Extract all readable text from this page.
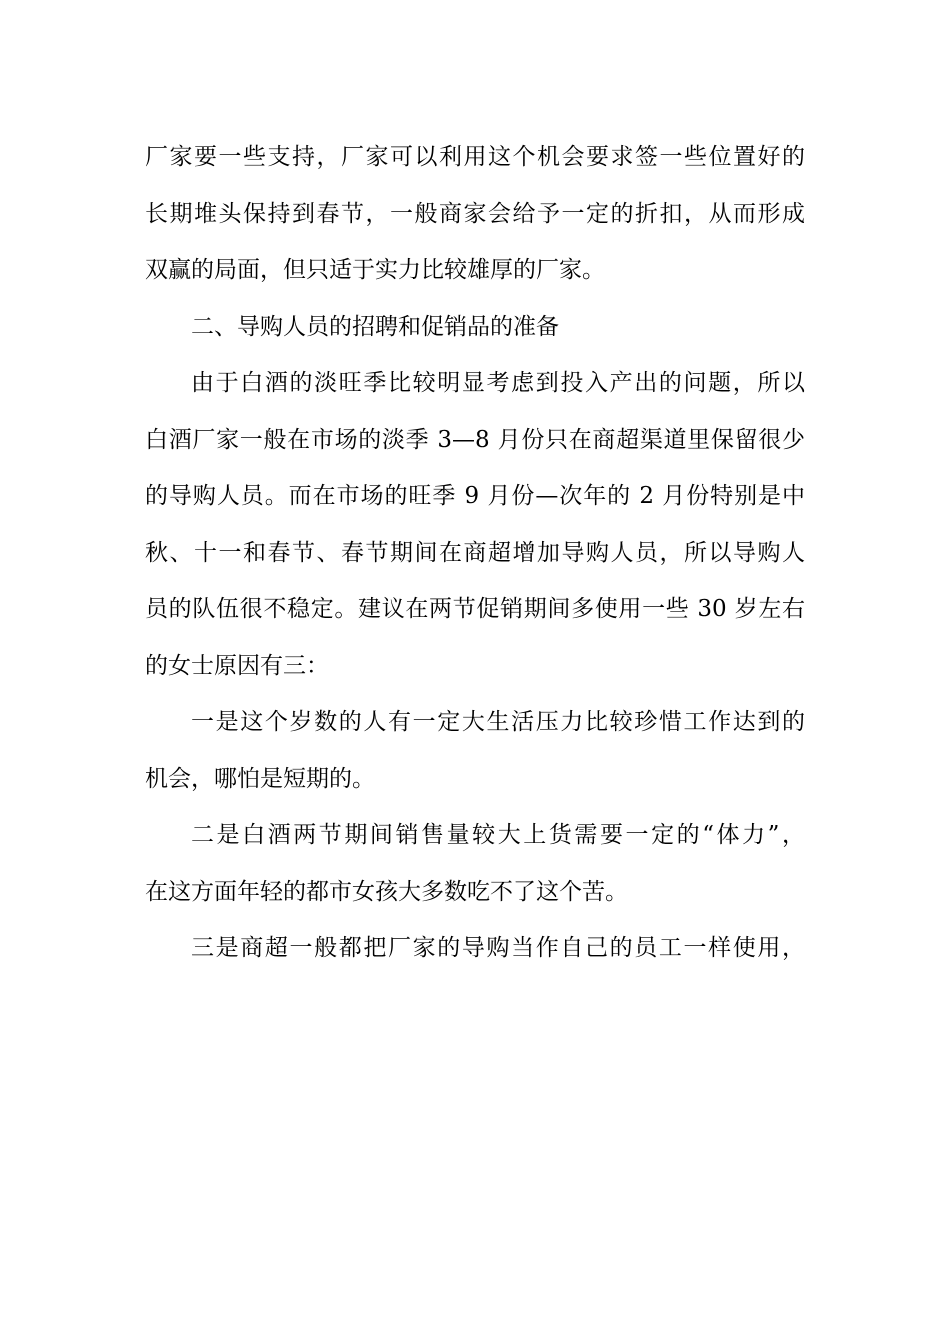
厂家要一些支持，厂家可以利用这个机会要求签一些位置好的

长期堆头保持到春节，一般商家会给予一定的折扣，从而形成

双赢的局面，但只适于实力比较雄厚的厂家。

二、导购人员的招聘和促销品的准备

由于白酒的淡旺季比较明显考虑到投入产出的问题，所以

白酒厂家一般在市场的淡季 3—8 月份只在商超渠道里保留很少

的导购人员。而在市场的旺季 9 月份—次年的 2 月份特别是中

秋、十一和春节、春节期间在商超增加导购人员，所以导购人

员的队伍很不稳定。建议在两节促销期间多使用一些 30 岁左右

的女士原因有三：

一是这个岁数的人有一定大生活压力比较珍惜工作达到的

机会，哪怕是短期的。

二是白酒两节期间销售量较大上货需要一定的“体力”，

在这方面年轻的都市女孩大多数吃不了这个苦。

三是商超一般都把厂家的导购当作自己的员工一样使用，
